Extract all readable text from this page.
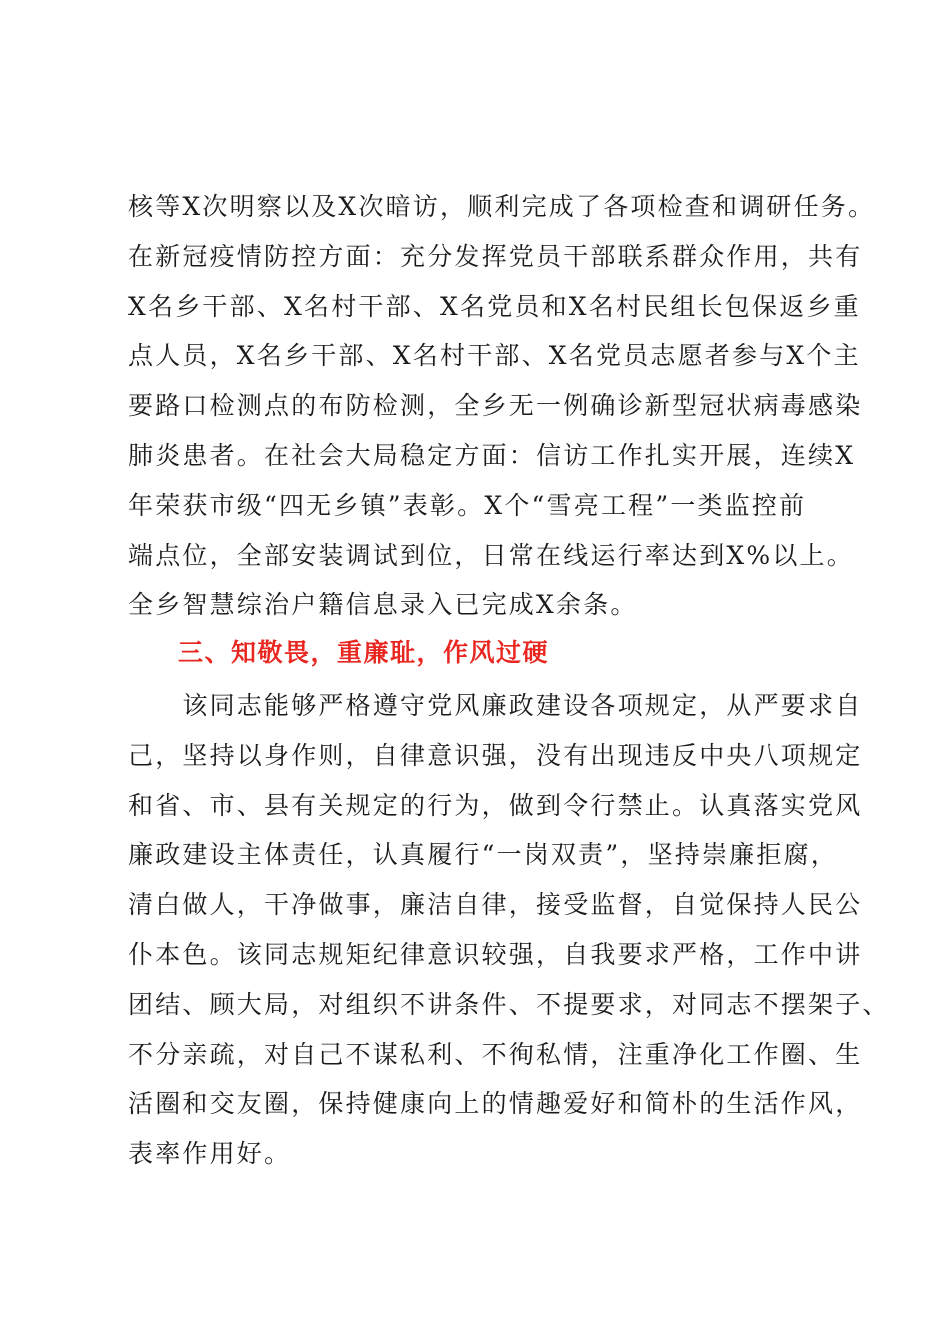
核等X次明察以及X次暗访，顺利完成了各项检查和调研任务。
在新冠疫情防控方面：充分发挥党员干部联系群众作用，共有
X名乡干部、X名村干部、X名党员和X名村民组长包保返乡重
点人员，X名乡干部、X名村干部、X名党员志愿者参与X个主
要路口检测点的布防检测，全乡无一例确诊新型冠状病毒感染
肺炎患者。在社会大局稳定方面：信访工作扎实开展，连续X
年荣获市级“四无乡镇”表彰。X个“雪亮工程”一类监控前
端点位，全部安装调试到位，日常在线运行率达到X%以上。
全乡智慧综治户籍信息录入已完成X余条。
三、知敬畏，重廉耻，作风过硬
　　该同志能够严格遵守党风廉政建设各项规定，从严要求自
己，坚持以身作则，自律意识强，没有出现违反中央八项规定
和省、市、县有关规定的行为，做到令行禁止。认真落实党风
廉政建设主体责任，认真履行“一岗双责”，坚持崇廉拒腐，
清白做人，干净做事，廉洁自律，接受监督，自觉保持人民公
仆本色。该同志规矩纪律意识较强，自我要求严格，工作中讲
团结、顾大局，对组织不讲条件、不提要求，对同志不摆架子、
不分亲疏，对自己不谋私利、不徇私情，注重净化工作圈、生
活圈和交友圈，保持健康向上的情趣爱好和简朴的生活作风，
表率作用好。
